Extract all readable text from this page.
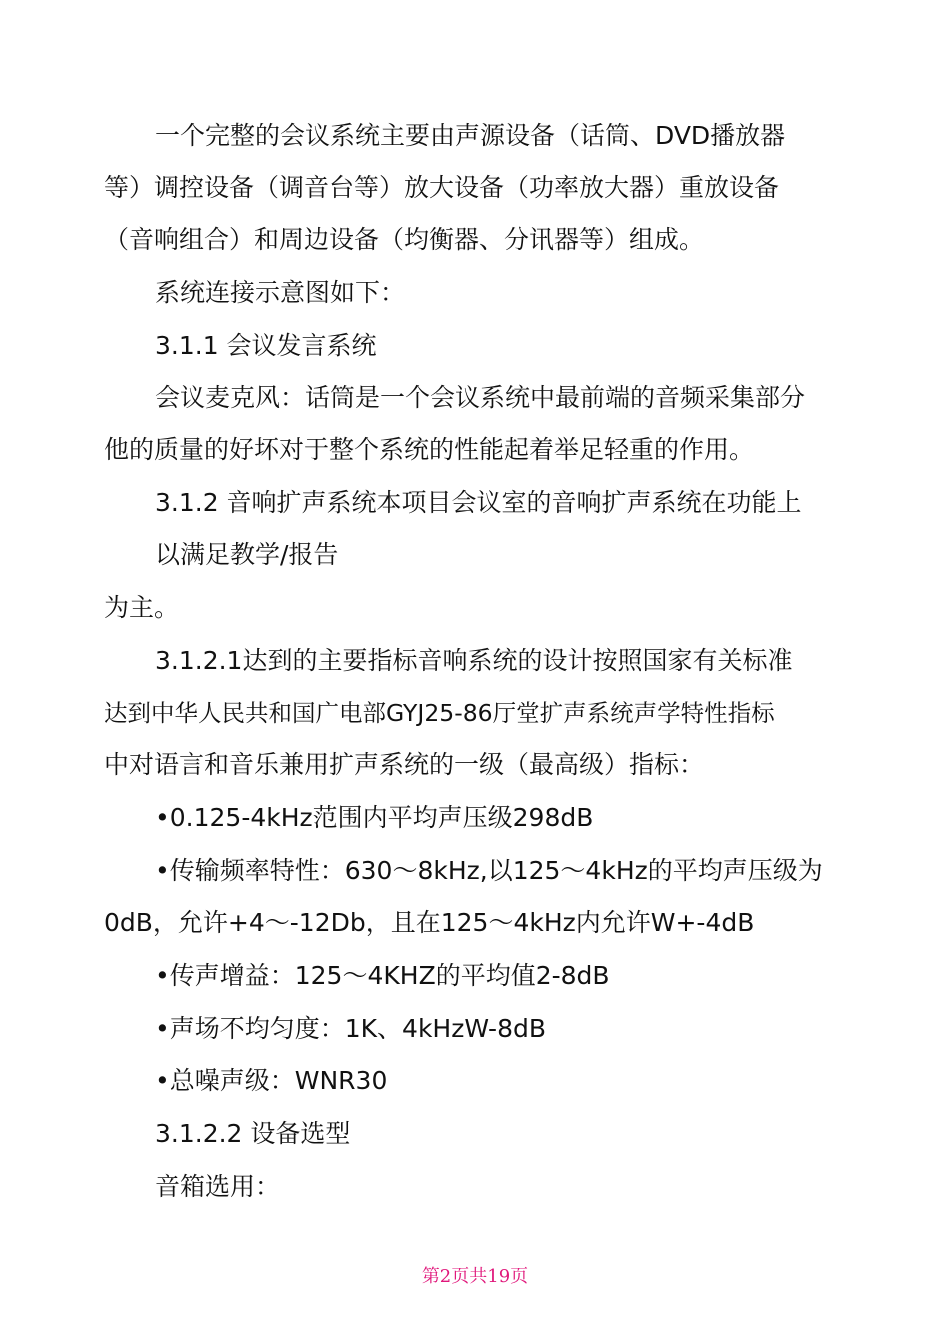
一个完整的会议系统主要由声源设备（话筒、DVD播放器
等）调控设备（调音台等）放大设备（功率放大器）重放设备
（音响组合）和周边设备（均衡器、分讯器等）组成。
系统连接示意图如下：
3.1.1 会议发言系统
会议麦克风：话筒是一个会议系统中最前端的音频采集部分
他的质量的好坏对于整个系统的性能起着举足轻重的作用。
3.1.2 音响扩声系统本项目会议室的音响扩声系统在功能上
以满足教学/报告
为主。
3.1.2.1达到的主要指标音响系统的设计按照国家有关标准
达到中华人民共和国广电部GYJ25-86厅堂扩声系统声学特性指标
中对语言和音乐兼用扩声系统的一级（最高级）指标：
•0.125-4kHz范围内平均声压级298dB
•传输频率特性：630〜8kHz,以125〜4kHz的平均声压级为
0dB，允许+4〜-12Db，且在125〜4kHz内允许W+-4dB
•传声增益：125〜4KHZ的平均值2-8dB
•声场不均匀度：1K、4kHzW-8dB
•总噪声级：WNR30
3.1.2.2 设备选型
音箱选用：
第2页共19页
